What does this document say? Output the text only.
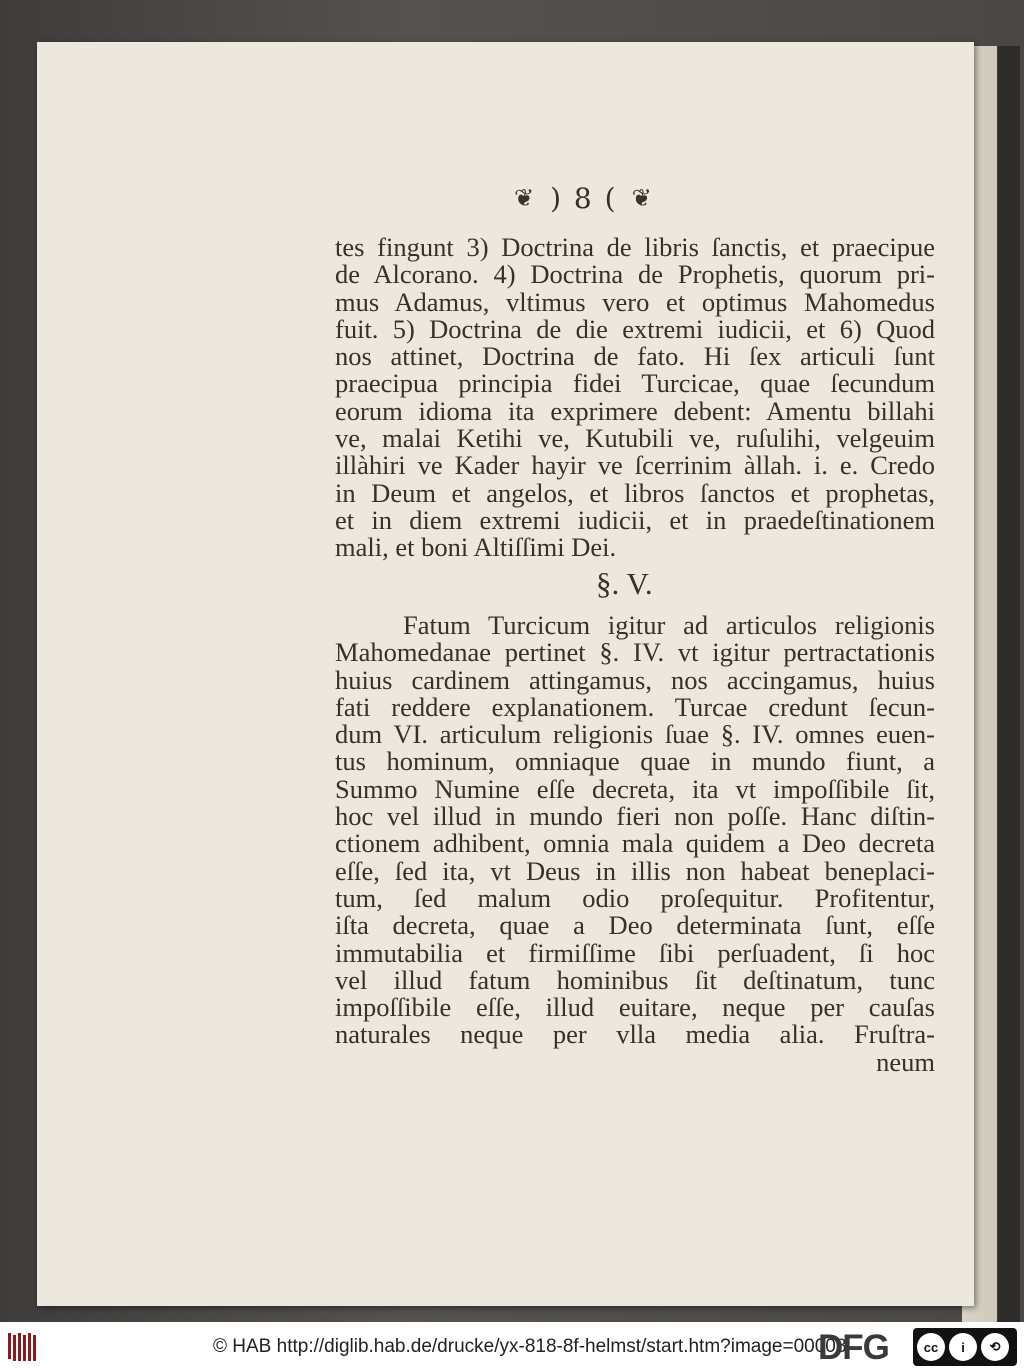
❦ ) 8 ( ❦
tes fingunt 3) Doctrina de libris ſanctis, et praecipue
de Alcorano. 4) Doctrina de Prophetis, quorum pri-
mus Adamus, vltimus vero et optimus Mahomedus
fuit. 5) Doctrina de die extremi iudicii, et 6) Quod
nos attinet, Doctrina de fato. Hi ſex articuli ſunt
praecipua principia fidei Turcicae, quae ſecundum
eorum idioma ita exprimere debent: Amentu billahi
ve, malai Ketihi ve, Kutubili ve, ruſulihi, velgeuim
illàhiri ve Kader hayir ve ſcerrinim àllah. i. e. Credo
in Deum et angelos, et libros ſanctos et prophetas,
et in diem extremi iudicii, et in praedeſtinationem
mali, et boni Altiſſimi Dei.
§. V.
Fatum Turcicum igitur ad articulos religionis
Mahomedanae pertinet §. IV. vt igitur pertractationis
huius cardinem attingamus, nos accingamus, huius
fati reddere explanationem. Turcae credunt ſecun-
dum VI. articulum religionis ſuae §. IV. omnes euen-
tus hominum, omniaque quae in mundo fiunt, a
Summo Numine eſſe decreta, ita vt impoſſibile ſit,
hoc vel illud in mundo fieri non poſſe. Hanc diſtin-
ctionem adhibent, omnia mala quidem a Deo decreta
eſſe, ſed ita, vt Deus in illis non habeat beneplaci-
tum, ſed malum odio proſequitur. Profitentur,
iſta decreta, quae a Deo determinata ſunt, eſſe
immutabilia et firmiſſime ſibi perſuadent, ſi hoc
vel illud fatum hominibus ſit deſtinatum, tunc
impoſſibile eſſe, illud euitare, neque per cauſas
naturales neque per vlla media alia. Fruſtra-
neum
© HAB http://diglib.hab.de/drucke/yx-818-8f-helmst/start.htm?image=00008
DFG	cc	i	⟲
